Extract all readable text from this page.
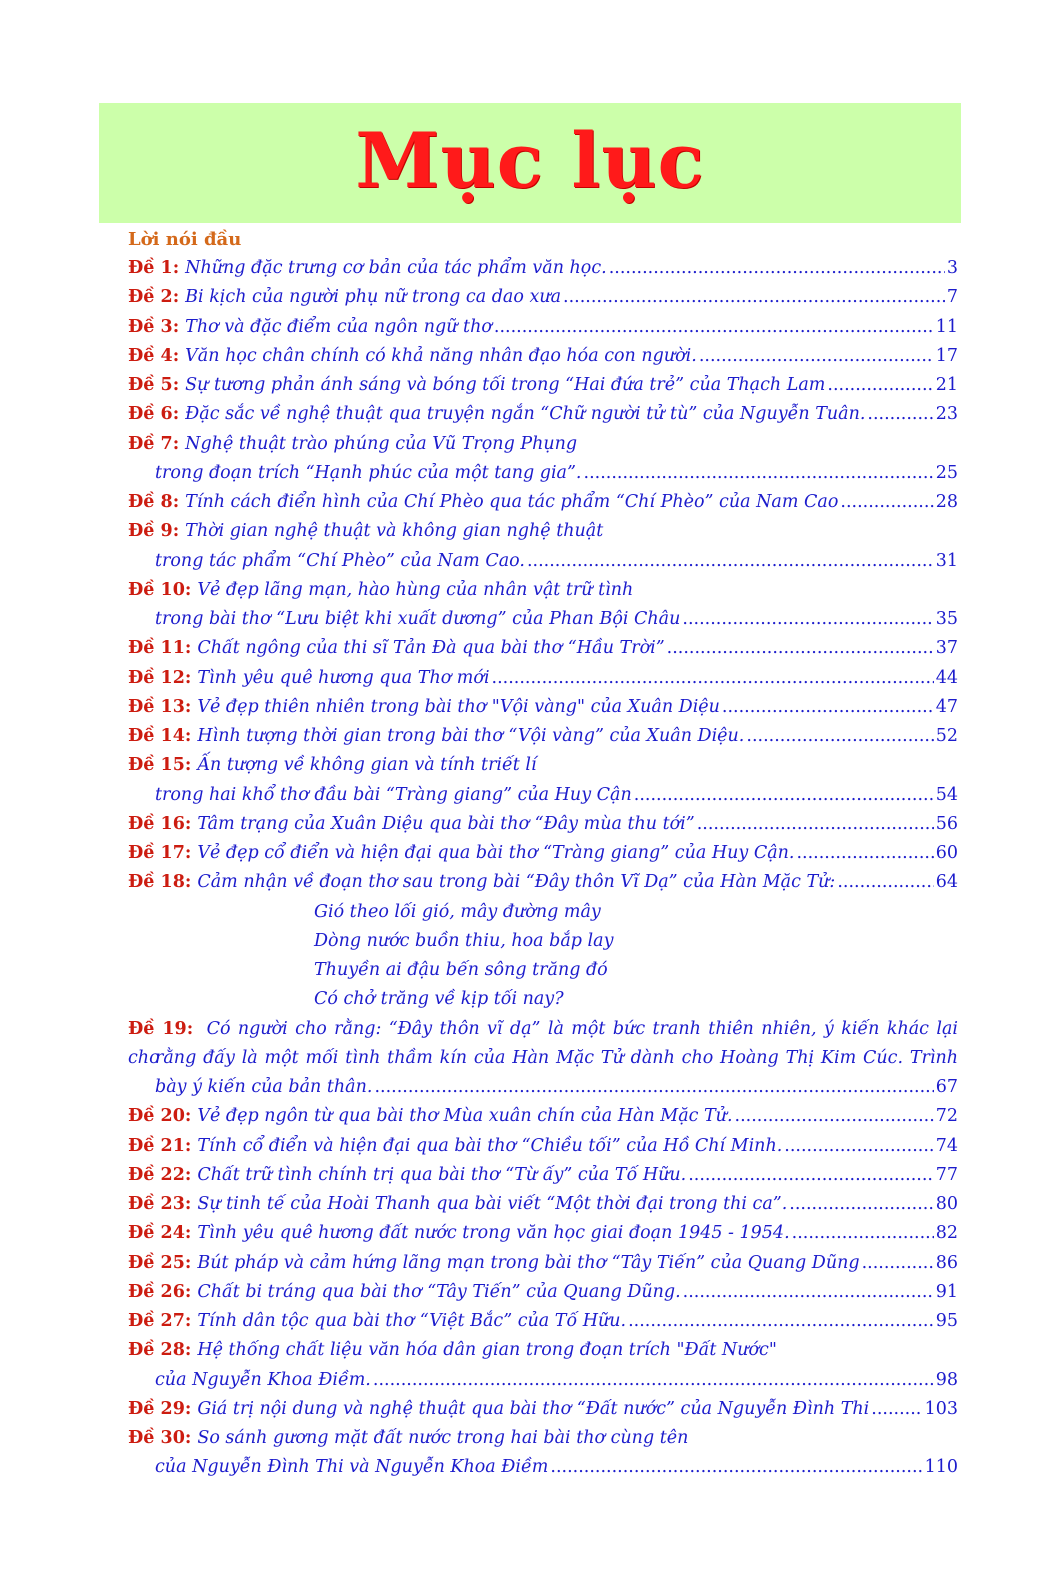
Mục lục
Lời nói đầu
Đề 1: Những đặc trưng cơ bản của tác phẩm văn học. .....	3
Đề 2: Bi kịch của người phụ nữ trong ca dao xưa .....	7
Đề 3: Thơ và đặc điểm của ngôn ngữ thơ .....	11
Đề 4: Văn học chân chính có khả năng nhân đạo hóa con người. .....	17
Đề 5: Sự tương phản ánh sáng và bóng tối trong “Hai đứa trẻ” của Thạch Lam .....	21
Đề 6: Đặc sắc về nghệ thuật qua truyện ngắn “Chữ người tử tù” của Nguyễn Tuân. .....	23
Đề 7: Nghệ thuật trào phúng của Vũ Trọng Phụng
trong đoạn trích “Hạnh phúc của một tang gia”. .....	25
Đề 8: Tính cách điển hình của Chí Phèo qua tác phẩm “Chí Phèo” của Nam Cao .....	28
Đề 9: Thời gian nghệ thuật và không gian nghệ thuật
trong tác phẩm “Chí Phèo” của Nam Cao. .....	31
Đề 10: Vẻ đẹp lãng mạn, hào hùng của nhân vật trữ tình
trong bài thơ “Lưu biệt khi xuất dương” của Phan Bội Châu .....	35
Đề 11: Chất ngông của thi sĩ Tản Đà qua bài thơ “Hầu Trời” .....	37
Đề 12: Tình yêu quê hương qua Thơ mới .....	44
Đề 13: Vẻ đẹp thiên nhiên trong bài thơ "Vội vàng" của Xuân Diệu .....	47
Đề 14: Hình tượng thời gian trong bài thơ “Vội vàng” của Xuân Diệu. .....	52
Đề 15: Ấn tượng về không gian và tính triết lí
trong hai khổ thơ đầu bài “Tràng giang” của Huy Cận .....	54
Đề 16: Tâm trạng của Xuân Diệu qua bài thơ “Đây mùa thu tới” .....	56
Đề 17: Vẻ đẹp cổ điển và hiện đại qua bài thơ “Tràng giang” của Huy Cận. .....	60
Đề 18: Cảm nhận về đoạn thơ sau trong bài “Đây thôn Vĩ Dạ” của Hàn Mặc Tử: .....	64
Gió theo lối gió, mây đường mây
Dòng nước buồn thiu, hoa bắp lay
Thuyền ai đậu bến sông trăng đó
Có chở trăng về kịp tối nay?
Đề 19: Có người cho rằng: “Đây thôn vĩ dạ” là một bức tranh thiên nhiên, ý kiến khác lại cho
rằng đấy là một mối tình thầm kín của Hàn Mặc Tử dành cho Hoàng Thị Kim Cúc. Trình
bày ý kiến của bản thân. .....	67
Đề 20: Vẻ đẹp ngôn từ qua bài thơ Mùa xuân chín của Hàn Mặc Tử. .....	72
Đề 21: Tính cổ điển và hiện đại qua bài thơ “Chiều tối” của Hồ Chí Minh. .....	74
Đề 22: Chất trữ tình chính trị qua bài thơ “Từ ấy” của Tố Hữu. .....	77
Đề 23: Sự tinh tế của Hoài Thanh qua bài viết “Một thời đại trong thi ca”. .....	80
Đề 24: Tình yêu quê hương đất nước trong văn học giai đoạn 1945 - 1954. .....	82
Đề 25: Bút pháp và cảm hứng lãng mạn trong bài thơ “Tây Tiến” của Quang Dũng .....	86
Đề 26: Chất bi tráng qua bài thơ “Tây Tiến” của Quang Dũng. .....	91
Đề 27: Tính dân tộc qua bài thơ “Việt Bắc” của Tố Hữu. .....	95
Đề 28: Hệ thống chất liệu văn hóa dân gian trong đoạn trích "Đất Nước"
của Nguyễn Khoa Điềm. .....	98
Đề 29: Giá trị nội dung và nghệ thuật qua bài thơ “Đất nước” của Nguyễn Đình Thi .....	103
Đề 30: So sánh gương mặt đất nước trong hai bài thơ cùng tên
của Nguyễn Đình Thi và Nguyễn Khoa Điềm .....	110
